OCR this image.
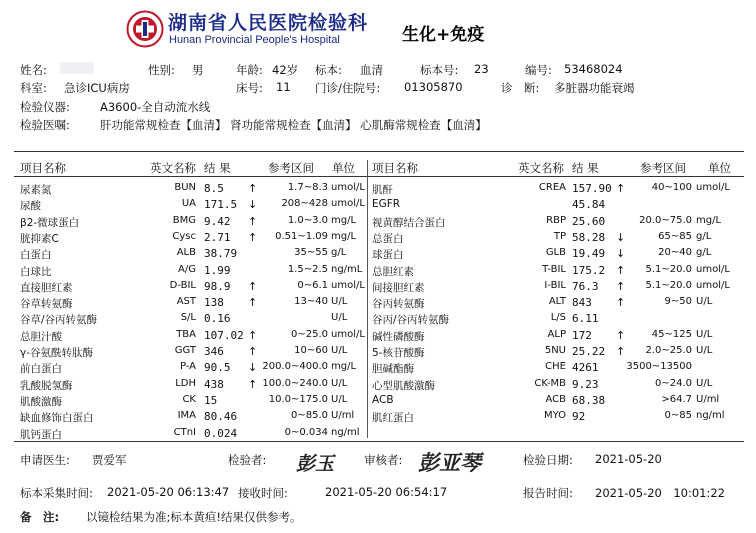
湖南省人民医院检验科
Hunan Provincial People's Hospital	生化+免疫
姓名:	性别: 男	年龄: 42岁 标本: 血清	标本号: 23	编号: 53468024
科室: 急诊ICU病房	床号: 11 门诊/住院号: 01305870	诊　断: 多脏器功能衰竭
检验仪器:	A3600-全自动流水线
检验医嘱:	肝功能常规检查【血清】 肾功能常规检查【血清】 心肌酶常规检查【血清】
项目名称	英文名称 结 果	参考区间 单位 项目名称	英文名称 结 果	参考区间 单位
尿素氮	BUN 8.5 ↑	1.7~8.3 umol/L
尿酸	UA 171.5 ↓	208~428 umol/L
β2-微球蛋白	BMG 9.42 ↑	1.0~3.0 mg/L
胱抑素C	Cysc 2.71 ↑	0.51~1.09 mg/L
白蛋白	ALB 38.79	35~55 g/L
白球比	A/G 1.99	1.5~2.5 ng/mL
直接胆红素	D-BIL 98.9 ↑	0~6.1 umol/L
谷草转氨酶	AST 138 ↑	13~40 U/L
谷草/谷丙转氨酶	S/L 0.16	U/L
总胆汁酸	TBA 107.02 ↑	0~25.0 umol/L
γ-谷氨酰转肽酶	GGT 346 ↑	10~60 U/L
前白蛋白	P-A 90.5 ↓ 200.0~400.0 mg/L
乳酸脱氢酶	LDH 438 ↑ 100.0~240.0 U/L
肌酸激酶	CK 15	10.0~175.0 U/L
缺血修饰白蛋白	IMA 80.46	0~85.0 U/ml
肌钙蛋白	CTnI 0.024	0~0.034 ng/ml
肌酐	CREA 157.90 ↑	40~100 umol/L
EGFR	45.84
视黄醇结合蛋白	RBP 25.60	20.0~75.0 mg/L
总蛋白	TP 58.28 ↓	65~85 g/L
球蛋白	GLB 19.49 ↓	20~40 g/L
总胆红素	T-BIL 175.2 ↑	5.1~20.0 umol/L
间接胆红素	I-BIL 76.3 ↑	5.1~20.0 umol/L
谷丙转氨酶	ALT 843 ↑	9~50 U/L
谷丙/谷丙转氨酶	L/S 6.11
碱性磷酸酶	ALP 172 ↑	45~125 U/L
5-核苷酸酶	5NU 25.22 ↑	2.0~25.0 U/L
胆碱酯酶	CHE 4261	3500~13500
心型肌酸激酶	CK-MB 9.23	0~24.0 U/L
ACB	ACB 68.38	>64.7 U/ml
肌红蛋白	MYO 92	0~85 ng/ml
申请医生: 贾爱军	检验者: 彭玉	审核者: 彭亚琴	检验日期: 2021-05-20
标本采集时间: 2021-05-20 06:13:47 接收时间:	2021-05-20 06:54:17	报告时间: 2021-05-20　10:01:22
备　注: 以镜检结果为准;标本黄疸!结果仅供参考。
